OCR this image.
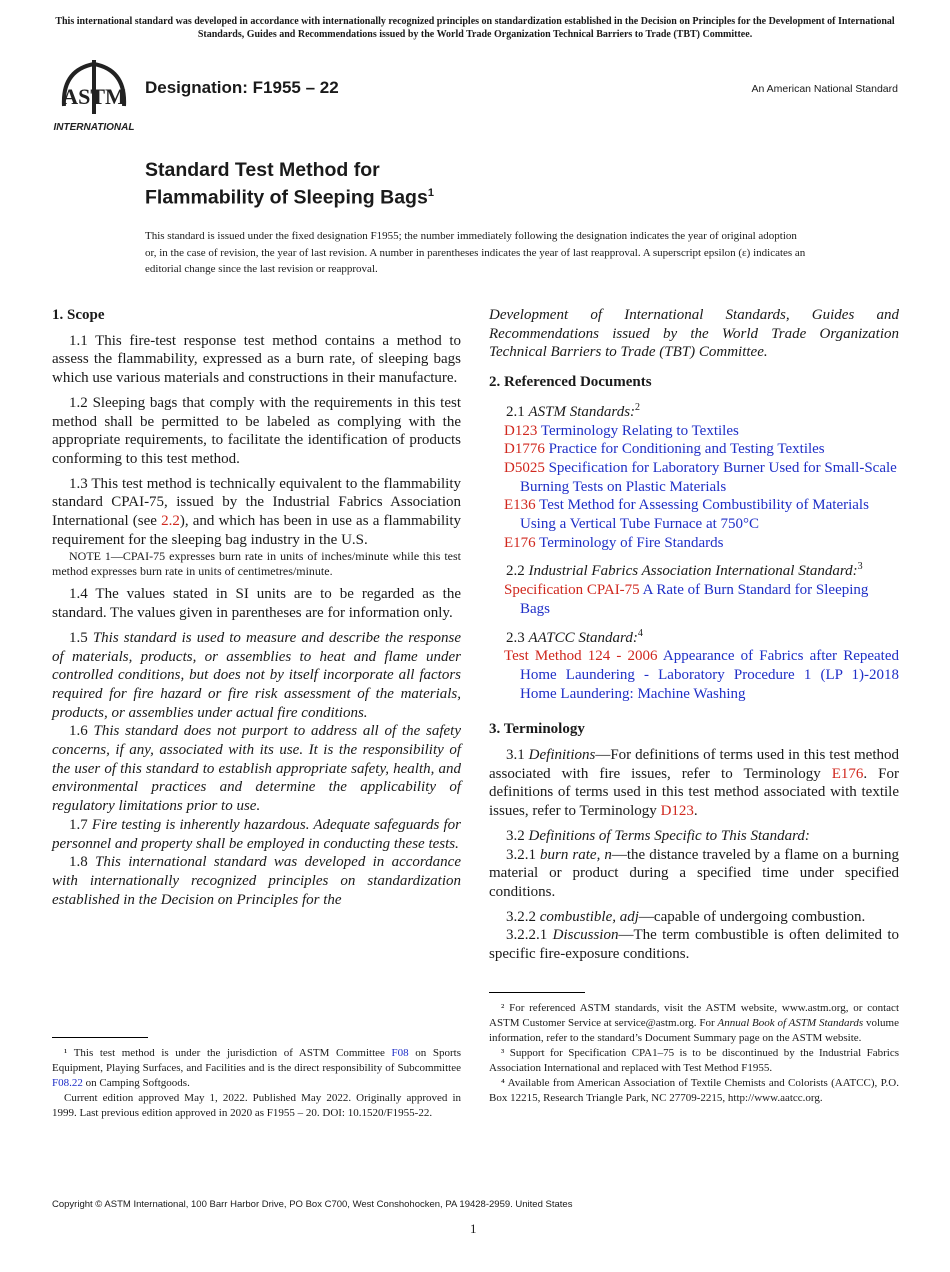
This international standard was developed in accordance with internationally recognized principles on standardization established in the Decision on Principles for the Development of International Standards, Guides and Recommendations issued by the World Trade Organization Technical Barriers to Trade (TBT) Committee.
ASTM
INTERNATIONAL
Designation: F1955 – 22	An American National Standard
Standard Test Method for
Flammability of Sleeping Bags$^1$
This standard is issued under the fixed designation F1955; the number immediately following the designation indicates the year of original adoption or, in the case of revision, the year of last revision. A number in parentheses indicates the year of last reapproval. A superscript epsilon (ε) indicates an editorial change since the last revision or reapproval.
1. Scope

1.1 This fire-test response test method contains a method to assess the flammability, expressed as a burn rate, of sleeping bags which use various materials and constructions in their manufacture.

1.2 Sleeping bags that comply with the requirements in this test method shall be permitted to be labeled as complying with the appropriate requirements, to facilitate the identification of products conforming to this test method.

1.3 This test method is technically equivalent to the flammability standard CPAI-75, issued by the Industrial Fabrics Association International (see 2.2), and which has been in use as a flammability requirement for the sleeping bag industry in the U.S.

NOTE 1—CPAI-75 expresses burn rate in units of inches/minute while this test method expresses burn rate in units of centimetres/minute.

1.4 The values stated in SI units are to be regarded as the standard. The values given in parentheses are for information only.

1.5 This standard is used to measure and describe the response of materials, products, or assemblies to heat and flame under controlled conditions, but does not by itself incorporate all factors required for fire hazard or fire risk assessment of the materials, products, or assemblies under actual fire conditions.

1.6 This standard does not purport to address all of the safety concerns, if any, associated with its use. It is the responsibility of the user of this standard to establish appropriate safety, health, and environmental practices and determine the applicability of regulatory limitations prior to use.

1.7 Fire testing is inherently hazardous. Adequate safeguards for personnel and property shall be employed in conducting these tests.

1.8 This international standard was developed in accordance with internationally recognized principles on standardization established in the Decision on Principles for the

¹ This test method is under the jurisdiction of ASTM Committee F08 on Sports Equipment, Playing Surfaces, and Facilities and is the direct responsibility of Subcommittee F08.22 on Camping Softgoods.

Current edition approved May 1, 2022. Published May 2022. Originally approved in 1999. Last previous edition approved in 2020 as F1955 – 20. DOI: 10.1520/F1955-22.

Development of International Standards, Guides and Recommendations issued by the World Trade Organization Technical Barriers to Trade (TBT) Committee.

2. Referenced Documents

2.1 ASTM Standards:$^2$

D123 Terminology Relating to Textiles

D1776 Practice for Conditioning and Testing Textiles

D5025 Specification for Laboratory Burner Used for Small-Scale Burning Tests on Plastic Materials

E136 Test Method for Assessing Combustibility of Materials Using a Vertical Tube Furnace at 750°C

E176 Terminology of Fire Standards

2.2 Industrial Fabrics Association International Standard:$^3$

Specification CPAI-75 A Rate of Burn Standard for Sleeping Bags

2.3 AATCC Standard:$^4$

Test Method 124 - 2006 Appearance of Fabrics after Repeated Home Laundering - Laboratory Procedure 1 (LP 1)-2018 Home Laundering: Machine Washing

3. Terminology

3.1 Definitions—For definitions of terms used in this test method associated with fire issues, refer to Terminology E176. For definitions of terms used in this test method associated with textile issues, refer to Terminology D123.

3.2 Definitions of Terms Specific to This Standard:

3.2.1 burn rate, n—the distance traveled by a flame on a burning material or product during a specified time under specified conditions.

3.2.2 combustible, adj—capable of undergoing combustion.

3.2.2.1 Discussion—The term combustible is often delimited to specific fire-exposure conditions.

² For referenced ASTM standards, visit the ASTM website, www.astm.org, or contact ASTM Customer Service at service@astm.org. For Annual Book of ASTM Standards volume information, refer to the standard’s Document Summary page on the ASTM website.

³ Support for Specification CPA1–75 is to be discontinued by the Industrial Fabrics Association International and replaced with Test Method F1955.

⁴ Available from American Association of Textile Chemists and Colorists (AATCC), P.O. Box 12215, Research Triangle Park, NC 27709-2215, http://www.aatcc.org.

Copyright © ASTM International, 100 Barr Harbor Drive, PO Box C700, West Conshohocken, PA 19428-2959. United States
1
